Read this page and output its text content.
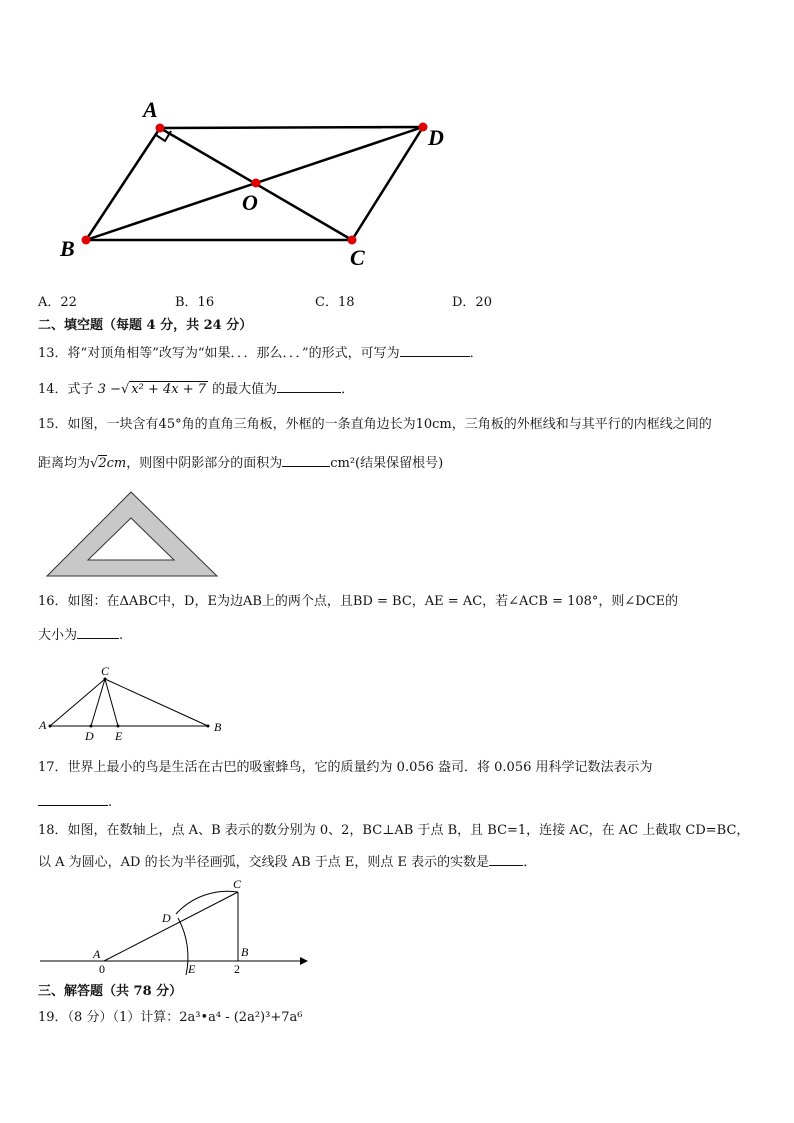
A
D
O
B	C
A．22	B．16	C．18	D．20
二、填空题（每题 4 分，共 24 分）
13．将“对顶角相等”改写为“如果．．．那么．．．”的形式，可写为	．
14．式子 3 −√ x² + 4x + 7 的最大值为	．
15．如图，一块含有45°角的直角三角板，外框的一条直角边长为10cm，三角板的外框线和与其平行的内框线之间的
距离均为√2cm，则图中阴影部分的面积为	cm²(结果保留根号)
16．如图：在ΔABC中，D，E为边AB上的两个点，且BD = BC，AE = AC，若∠ACB = 108°，则∠DCE的
大小为	.
A	B
C
D E
17．世界上最小的鸟是生活在古巴的吸蜜蜂鸟，它的质量约为 0.056 盎司．将 0.056 用科学记数法表示为
.
18．如图，在数轴上，点 A、B 表示的数分别为 0、2，BC⊥AB 于点 B，且 BC=1，连接 AC，在 AC 上截取 CD=BC，
以 A 为圆心，AD 的长为半径画弧，交线段 AB 于点 E，则点 E 表示的实数是	．
A	B
C
D
E
0	2
三、解答题（共 78 分）
19．（8 分）（1）计算：2a³•a⁴ - (2a²)³+7a⁶
